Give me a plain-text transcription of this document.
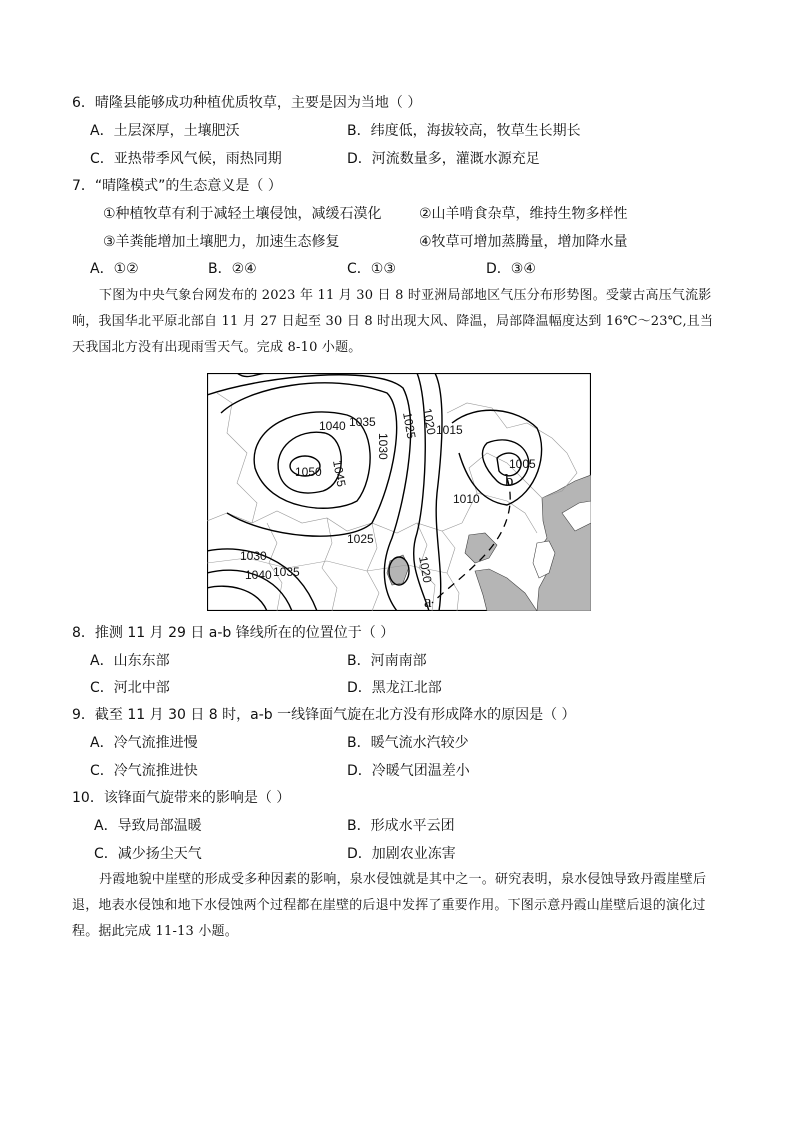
6．晴隆县能够成功种植优质牧草，主要是因为当地（ ）
A．土层深厚，土壤肥沃	B．纬度低，海拔较高，牧草生长期长
C．亚热带季风气候，雨热同期	D．河流数量多，灌溉水源充足
7．“晴隆模式”的生态意义是（ ）
①种植牧草有利于减轻土壤侵蚀，减缓石漠化	②山羊啃食杂草，维持生物多样性
③羊粪能增加土壤肥力，加速生态修复	④牧草可增加蒸腾量，增加降水量
A．①②	B．②④	C．①③	D．③④
下图为中央气象台网发布的 2023 年 11 月 30 日 8 时亚洲局部地区气压分布形势图。受蒙古高压气流影响，我国华北平原北部自 11 月 27 日起至 30 日 8 时出现大风、降温，局部降温幅度达到 16℃～23℃,且当天我国北方没有出现雨雪天气。完成 8-10 小题。
1040 1035
1045
1050
1030
1025 1020
1015
1005
1010
1025
1030
1040 1035	1020
b
a
8．推测 11 月 29 日 a-b 锋线所在的位置位于（ ）
A．山东东部	B．河南南部
C．河北中部	D．黑龙江北部
9．截至 11 月 30 日 8 时，a-b 一线锋面气旋在北方没有形成降水的原因是（ ）
A．冷气流推进慢	B．暖气流水汽较少
C．冷气流推进快	D．冷暖气团温差小
10．该锋面气旋带来的影响是（ ）
A．导致局部温暖	B．形成水平云团
C．减少扬尘天气	D．加剧农业冻害
丹霞地貌中崖壁的形成受多种因素的影响，泉水侵蚀就是其中之一。研究表明，泉水侵蚀导致丹霞崖壁后退，地表水侵蚀和地下水侵蚀两个过程都在崖壁的后退中发挥了重要作用。下图示意丹霞山崖壁后退的演化过程。据此完成 11-13 小题。
